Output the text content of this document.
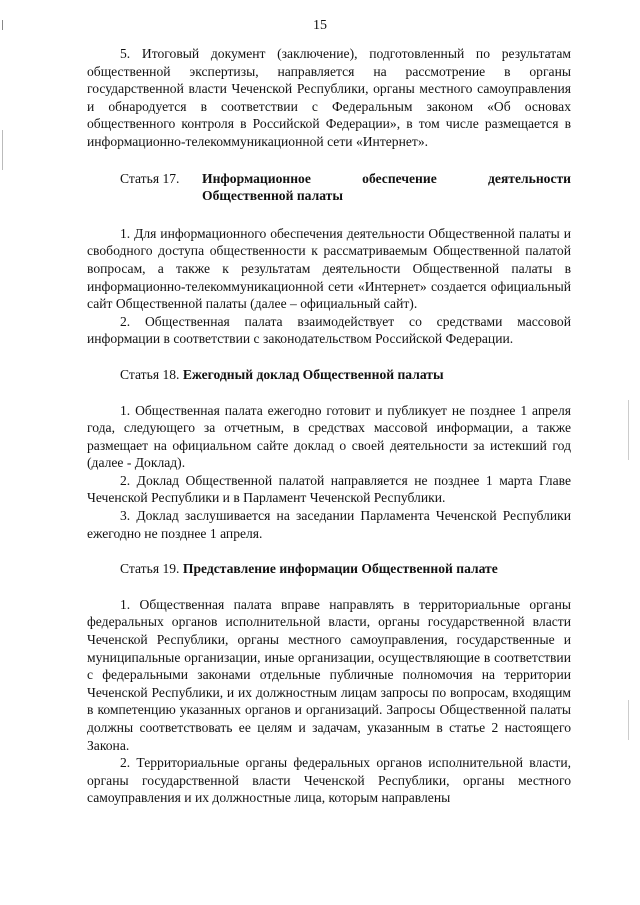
15

5. Итоговый документ (заключение), подготовленный по результатам общественной экспертизы, направляется на рассмотрение в органы государственной власти Чеченской Республики, органы местного самоуправления и обнародуется в соответствии с Федеральным законом «Об основах общественного контроля в Российской Федерации», в том числе размещается в информационно-телекоммуникационной сети «Интернет».

Статья 17.	Информационное обеспечение деятельности
Общественной палаты

1. Для информационного обеспечения деятельности Общественной палаты и свободного доступа общественности к рассматриваемым Общественной палатой вопросам, а также к результатам деятельности Общественной палаты в информационно-телекоммуникационной сети «Интернет» создается официальный сайт Общественной палаты (далее – официальный сайт).

2. Общественная палата взаимодействует со средствами массовой информации в соответствии с законодательством Российской Федерации.

Статья 18. Ежегодный доклад Общественной палаты

1. Общественная палата ежегодно готовит и публикует не позднее 1 апреля года, следующего за отчетным, в средствах массовой информации, а также размещает на официальном сайте доклад о своей деятельности за истекший год (далее - Доклад).

2. Доклад Общественной палатой направляется не позднее 1 марта Главе Чеченской Республики и в Парламент Чеченской Республики.

3. Доклад заслушивается на заседании Парламента Чеченской Республики ежегодно не позднее 1 апреля.

Статья 19. Представление информации Общественной палате

1. Общественная палата вправе направлять в территориальные органы федеральных органов исполнительной власти, органы государственной власти Чеченской Республики, органы местного самоуправления, государственные и муниципальные организации, иные организации, осуществляющие в соответствии с федеральными законами отдельные публичные полномочия на территории Чеченской Республики, и их должностным лицам запросы по вопросам, входящим в компетенцию указанных органов и организаций. Запросы Общественной палаты должны соответствовать ее целям и задачам, указанным в статье 2 настоящего Закона.

2. Территориальные органы федеральных органов исполнительной власти, органы государственной власти Чеченской Республики, органы местного самоуправления и их должностные лица, которым направлены
